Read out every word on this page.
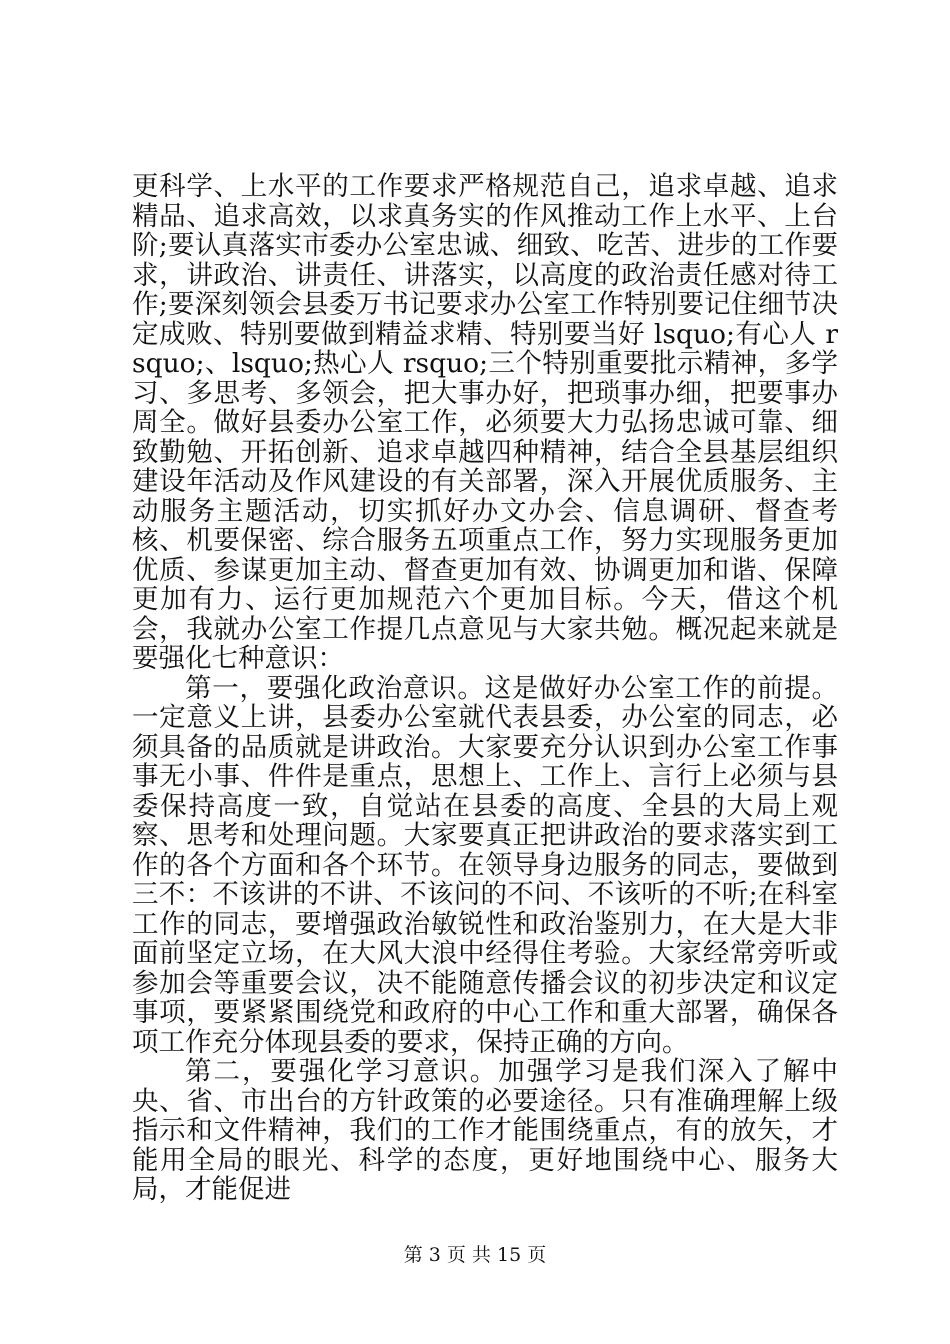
更科学、上水平的工作要求严格规范自己，追求卓越、追求精品、追求高效，以求真务实的作风推动工作上水平、上台阶;要认真落实市委办公室忠诚、细致、吃苦、进步的工作要求，讲政治、讲责任、讲落实，以高度的政治责任感对待工作;要深刻领会县委万书记要求办公室工作特别要记住细节决定成败、特别要做到精益求精、特别要当好 lsquo;有心人 rsquo;、lsquo;热心人 rsquo;三个特别重要批示精神，多学习、多思考、多领会，把大事办好，把琐事办细，把要事办周全。做好县委办公室工作，必须要大力弘扬忠诚可靠、细致勤勉、开拓创新、追求卓越四种精神，结合全县基层组织建设年活动及作风建设的有关部署，深入开展优质服务、主动服务主题活动，切实抓好办文办会、信息调研、督查考核、机要保密、综合服务五项重点工作，努力实现服务更加优质、参谋更加主动、督查更加有效、协调更加和谐、保障更加有力、运行更加规范六个更加目标。今天，借这个机会，我就办公室工作提几点意见与大家共勉。概况起来就是要强化七种意识：

第一，要强化政治意识。这是做好办公室工作的前提。一定意义上讲，县委办公室就代表县委，办公室的同志，必须具备的品质就是讲政治。大家要充分认识到办公室工作事事无小事、件件是重点，思想上、工作上、言行上必须与县委保持高度一致，自觉站在县委的高度、全县的大局上观察、思考和处理问题。大家要真正把讲政治的要求落实到工作的各个方面和各个环节。在领导身边服务的同志，要做到三不：不该讲的不讲、不该问的不问、不该听的不听;在科室工作的同志，要增强政治敏锐性和政治鉴别力，在大是大非面前坚定立场，在大风大浪中经得住考验。大家经常旁听或参加会等重要会议，决不能随意传播会议的初步决定和议定事项，要紧紧围绕党和政府的中心工作和重大部署，确保各项工作充分体现县委的要求，保持正确的方向。

第二，要强化学习意识。加强学习是我们深入了解中央、省、市出台的方针政策的必要途径。只有准确理解上级指示和文件精神，我们的工作才能围绕重点，有的放矢，才能用全局的眼光、科学的态度，更好地围绕中心、服务大局，才能促进

第 3 页 共 15 页
